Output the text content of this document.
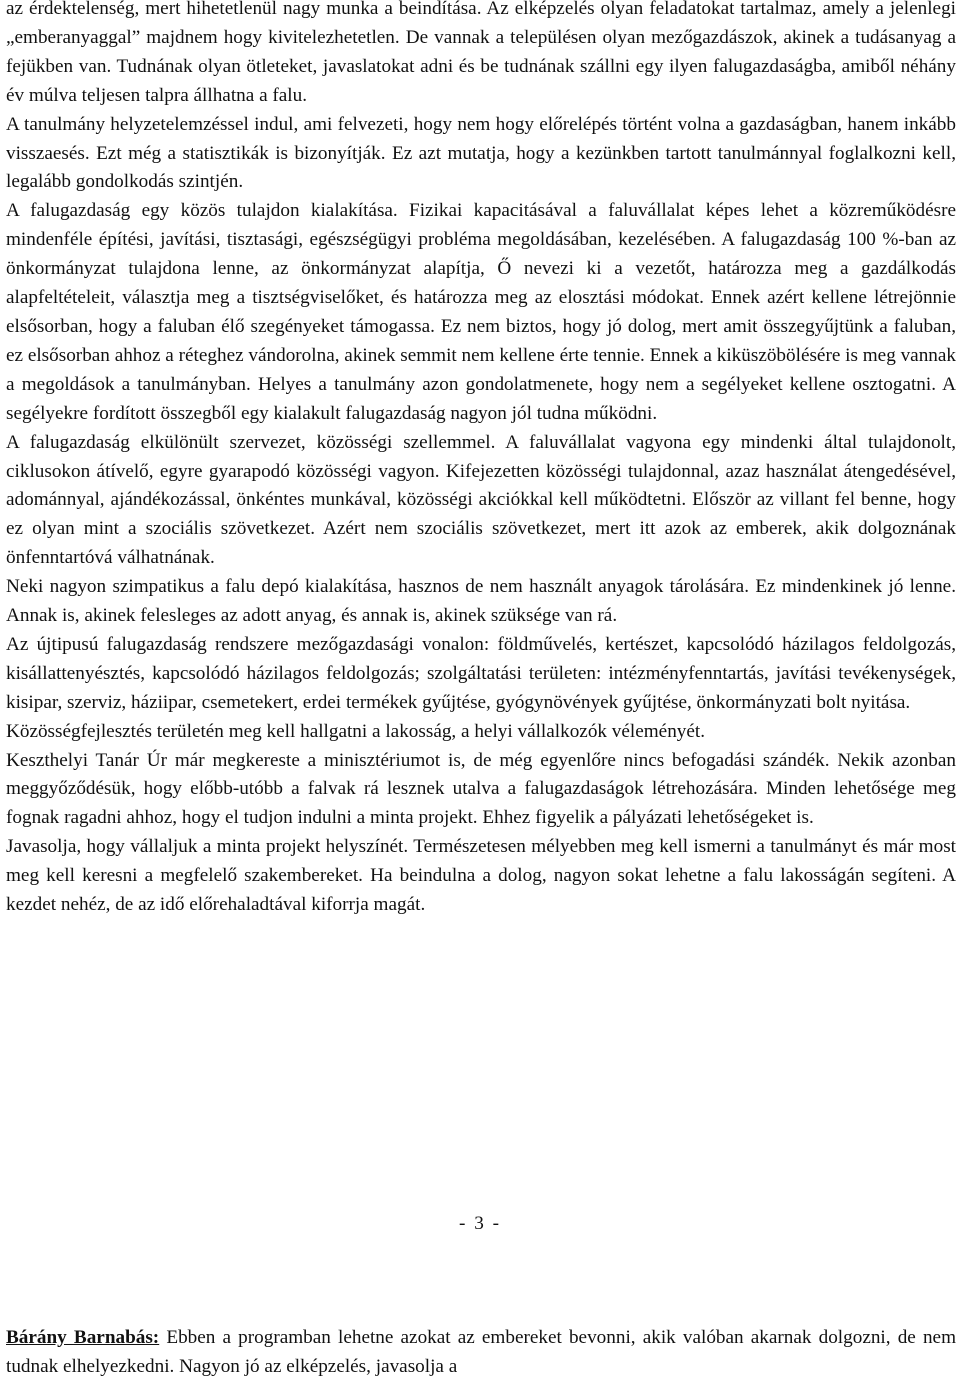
az érdektelenség, mert hihetetlenül nagy munka a beindítása. Az elképzelés olyan feladatokat tartalmaz, amely a jelenlegi „emberanyaggal” majdnem hogy kivitelezhetetlen. De vannak a településen olyan mezőgazdászok, akinek a tudásanyag a fejükben van. Tudnának olyan ötleteket, javaslatokat adni és be tudnának szállni egy ilyen falugazdaságba, amiből néhány év múlva teljesen talpra állhatna a falu.

A tanulmány helyzetelemzéssel indul, ami felvezeti, hogy nem hogy előrelépés történt volna a gazdaságban, hanem inkább visszaesés. Ezt még a statisztikák is bizonyítják. Ez azt mutatja, hogy a kezünkben tartott tanulmánnyal foglalkozni kell, legalább gondolkodás szintjén.

A falugazdaság egy közös tulajdon kialakítása. Fizikai kapacitásával a faluvállalat képes lehet a közreműködésre mindenféle építési, javítási, tisztasági, egészségügyi probléma megoldásában, kezelésében. A falugazdaság 100 %-ban az önkormányzat tulajdona lenne, az önkormányzat alapítja, Ő nevezi ki a vezetőt, határozza meg a gazdálkodás alapfeltételeit, választja meg a tisztségviselőket, és határozza meg az elosztási módokat. Ennek azért kellene létrejönnie elsősorban, hogy a faluban élő szegényeket támogassa. Ez nem biztos, hogy jó dolog, mert amit összegyűjtünk a faluban, ez elsősorban ahhoz a réteghez vándorolna, akinek semmit nem kellene érte tennie. Ennek a kiküszöbölésére is meg vannak a megoldások a tanulmányban. Helyes a tanulmány azon gondolatmenete, hogy nem a segélyeket kellene osztogatni. A segélyekre fordított összegből egy kialakult falugazdaság nagyon jól tudna működni.

A falugazdaság elkülönült szervezet, közösségi szellemmel. A faluvállalat vagyona egy mindenki által tulajdonolt, ciklusokon átívelő, egyre gyarapodó közösségi vagyon. Kifejezetten közösségi tulajdonnal, azaz használat átengedésével, adománnyal, ajándékozással, önkéntes munkával, közösségi akciókkal kell működtetni. Először az villant fel benne, hogy ez olyan mint a szociális szövetkezet. Azért nem szociális szövetkezet, mert itt azok az emberek, akik dolgoznának önfenntartóvá válhatnának.

Neki nagyon szimpatikus a falu depó kialakítása, hasznos de nem használt anyagok tárolására. Ez mindenkinek jó lenne. Annak is, akinek felesleges az adott anyag, és annak is, akinek szüksége van rá.

Az újtipusú falugazdaság rendszere mezőgazdasági vonalon: földművelés, kertészet, kapcsolódó házilagos feldolgozás, kisállattenyésztés, kapcsolódó házilagos feldolgozás; szolgáltatási területen: intézményfenntartás, javítási tevékenységek, kisipar, szerviz, háziipar, csemetekert, erdei termékek gyűjtése, gyógynövények gyűjtése, önkormányzati bolt nyitása.

Közösségfejlesztés területén meg kell hallgatni a lakosság, a helyi vállalkozók véleményét.

Keszthelyi Tanár Úr már megkereste a minisztériumot is, de még egyenlőre nincs befogadási szándék. Nekik azonban meggyőződésük, hogy előbb-utóbb a falvak rá lesznek utalva a falugazdaságok létrehozására. Minden lehetősége meg fognak ragadni ahhoz, hogy el tudjon indulni a minta projekt. Ehhez figyelik a pályázati lehetőségeket is.

Javasolja, hogy vállaljuk a minta projekt helyszínét. Természetesen mélyebben meg kell ismerni a tanulmányt és már most meg kell keresni a megfelelő szakembereket. Ha beindulna a dolog, nagyon sokat lehetne a falu lakosságán segíteni. A kezdet nehéz, de az idő előrehaladtával kiforrja magát.

- 3 -

Bárány Barnabás: Ebben a programban lehetne azokat az embereket bevonni, akik valóban akarnak dolgozni, de nem tudnak elhelyezkedni. Nagyon jó az elképzelés, javasolja a
